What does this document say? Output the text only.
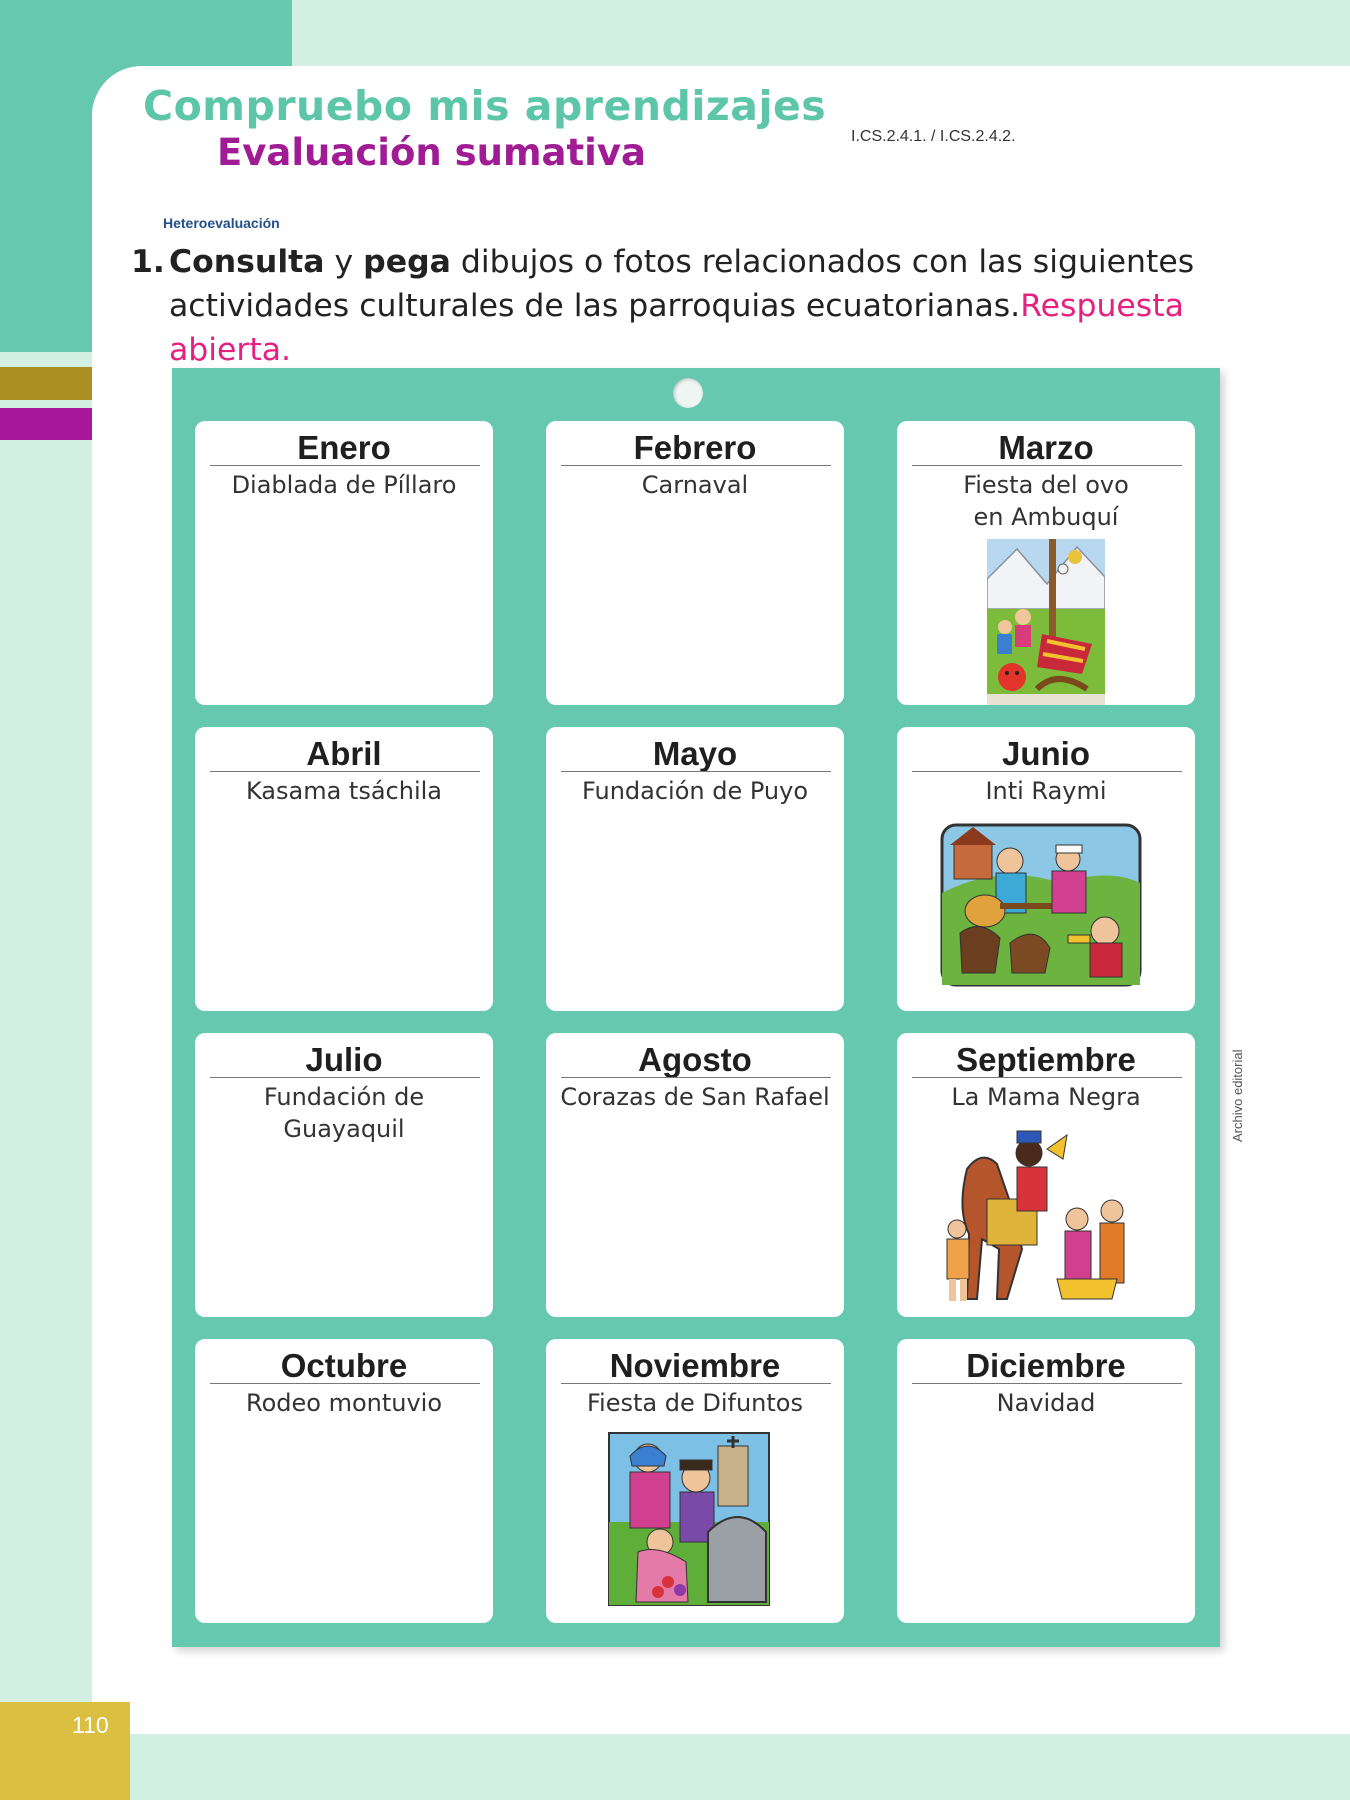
Compruebo mis aprendizajes
Evaluación sumativa	I.CS.2.4.1. / I.CS.2.4.2.
Heteroevaluación
1. Consulta y pega dibujos o fotos relacionados con las siguientes actividades culturales de las parroquias ecuatorianas.Respuesta abierta.
Enero
Diablada de Píllaro
Febrero
Carnaval
Marzo
Fiesta del ovo
en Ambuquí
Abril
Kasama tsáchila
Mayo
Fundación de Puyo
Junio
Inti Raymi
Julio
Fundación de
Guayaquil
Agosto
Corazas de San Rafael
Septiembre
La Mama Negra
Octubre
Rodeo montuvio
Noviembre
Fiesta de Difuntos
Diciembre
Navidad
Archivo editorial
110
